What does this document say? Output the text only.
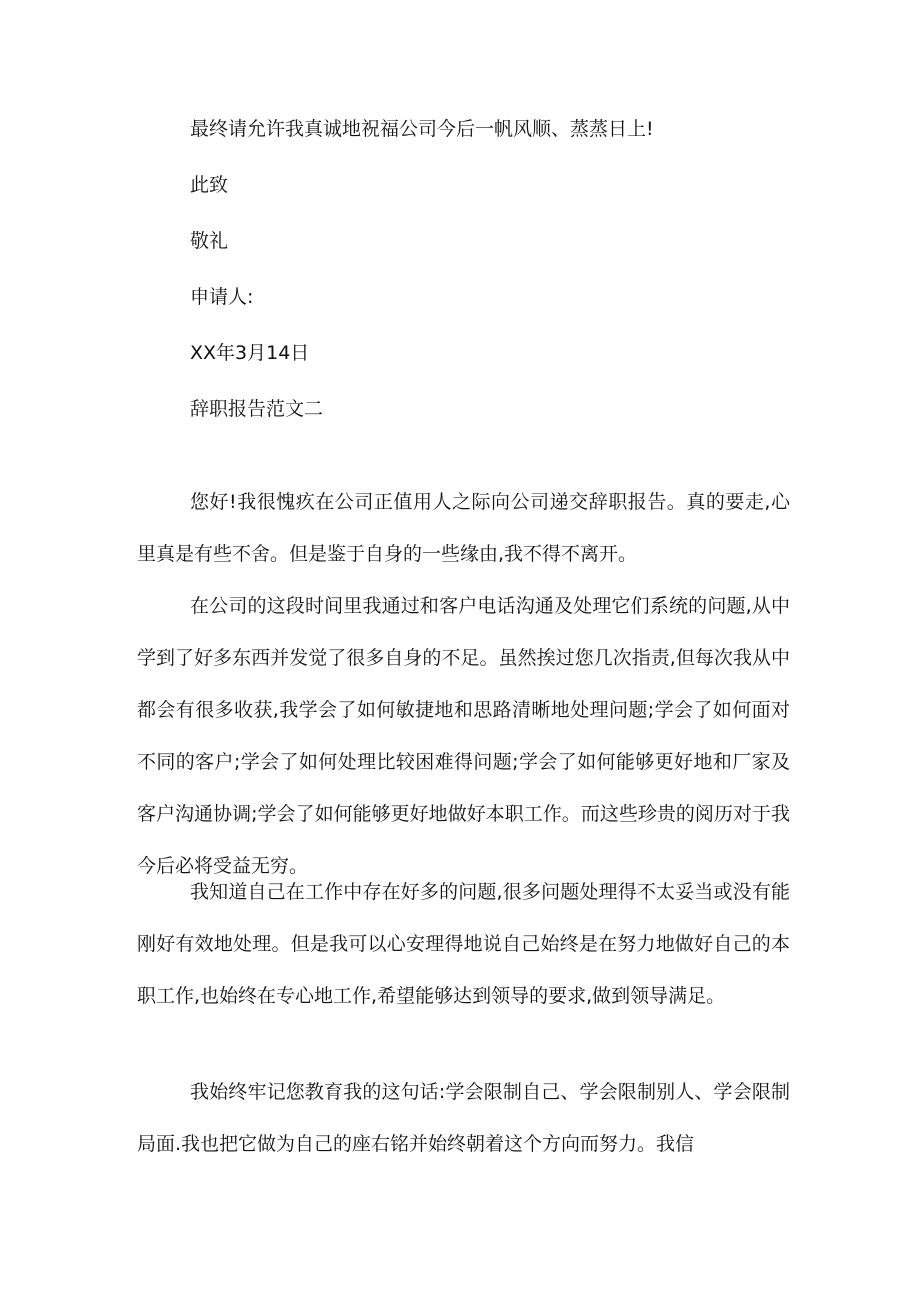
最终请允许我真诚地祝福公司今后一帆风顺、蒸蒸日上!

此致

敬礼

申请人:

XX年3月14日

辞职报告范文二

您好!我很愧疚在公司正值用人之际向公司递交辞职报告。真的要走,心里真是有些不舍。但是鉴于自身的一些缘由,我不得不离开。

在公司的这段时间里我通过和客户电话沟通及处理它们系统的问题,从中学到了好多东西并发觉了很多自身的不足。虽然挨过您几次指责,但每次我从中都会有很多收获,我学会了如何敏捷地和思路清晰地处理问题;学会了如何面对不同的客户;学会了如何处理比较困难得问题;学会了如何能够更好地和厂家及客户沟通协调;学会了如何能够更好地做好本职工作。而这些珍贵的阅历对于我今后必将受益无穷。

我知道自己在工作中存在好多的问题,很多问题处理得不太妥当或没有能刚好有效地处理。但是我可以心安理得地说自己始终是在努力地做好自己的本职工作,也始终在专心地工作,希望能够达到领导的要求,做到领导满足。

我始终牢记您教育我的这句话:学会限制自己、学会限制别人、学会限制局面.我也把它做为自己的座右铭并始终朝着这个方向而努力。我信
